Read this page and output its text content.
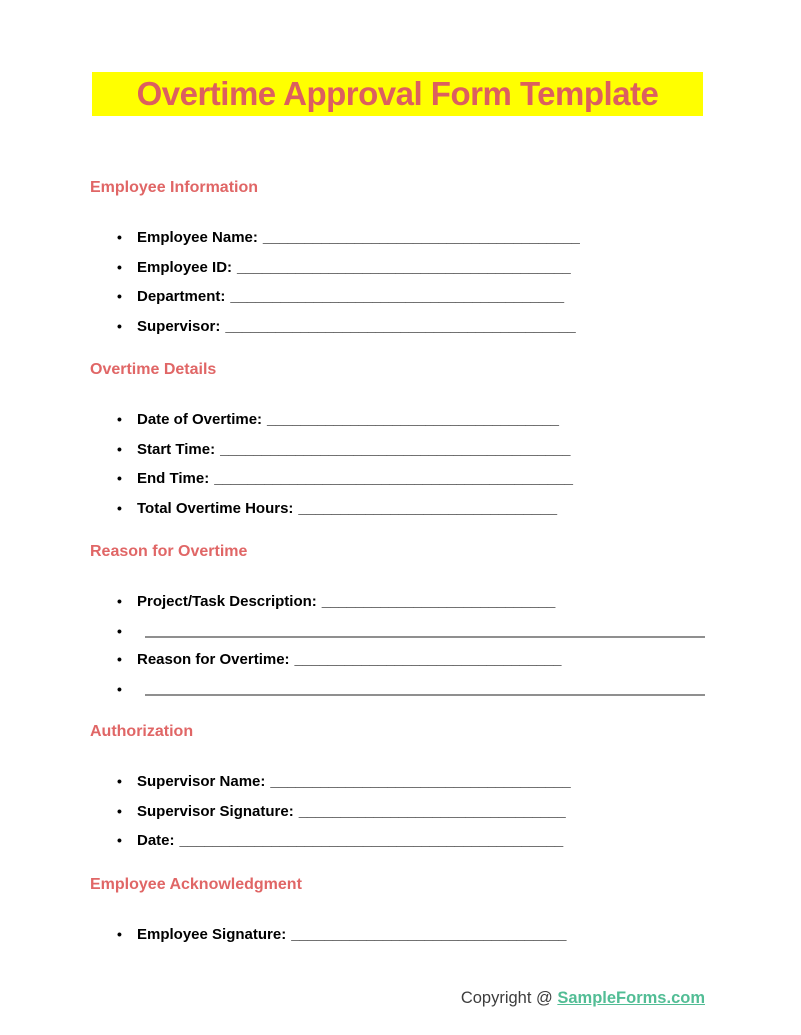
Overtime Approval Form Template
Employee Information
•
Employee Name: ______________________________________
•
Employee ID: ________________________________________
•
Department: ________________________________________
•
Supervisor: __________________________________________
Overtime Details
•
Date of Overtime: ___________________________________
•
Start Time: __________________________________________
•
End Time: ___________________________________________
•
Total Overtime Hours: _______________________________
Reason for Overtime
•
Project/Task Description: ____________________________
•
•
Reason for Overtime: ________________________________
•
Authorization
•
Supervisor Name: ____________________________________
•
Supervisor Signature: ________________________________
•
Date: ______________________________________________
Employee Acknowledgment
•
Employee Signature: _________________________________
Copyright @ SampleForms.com
